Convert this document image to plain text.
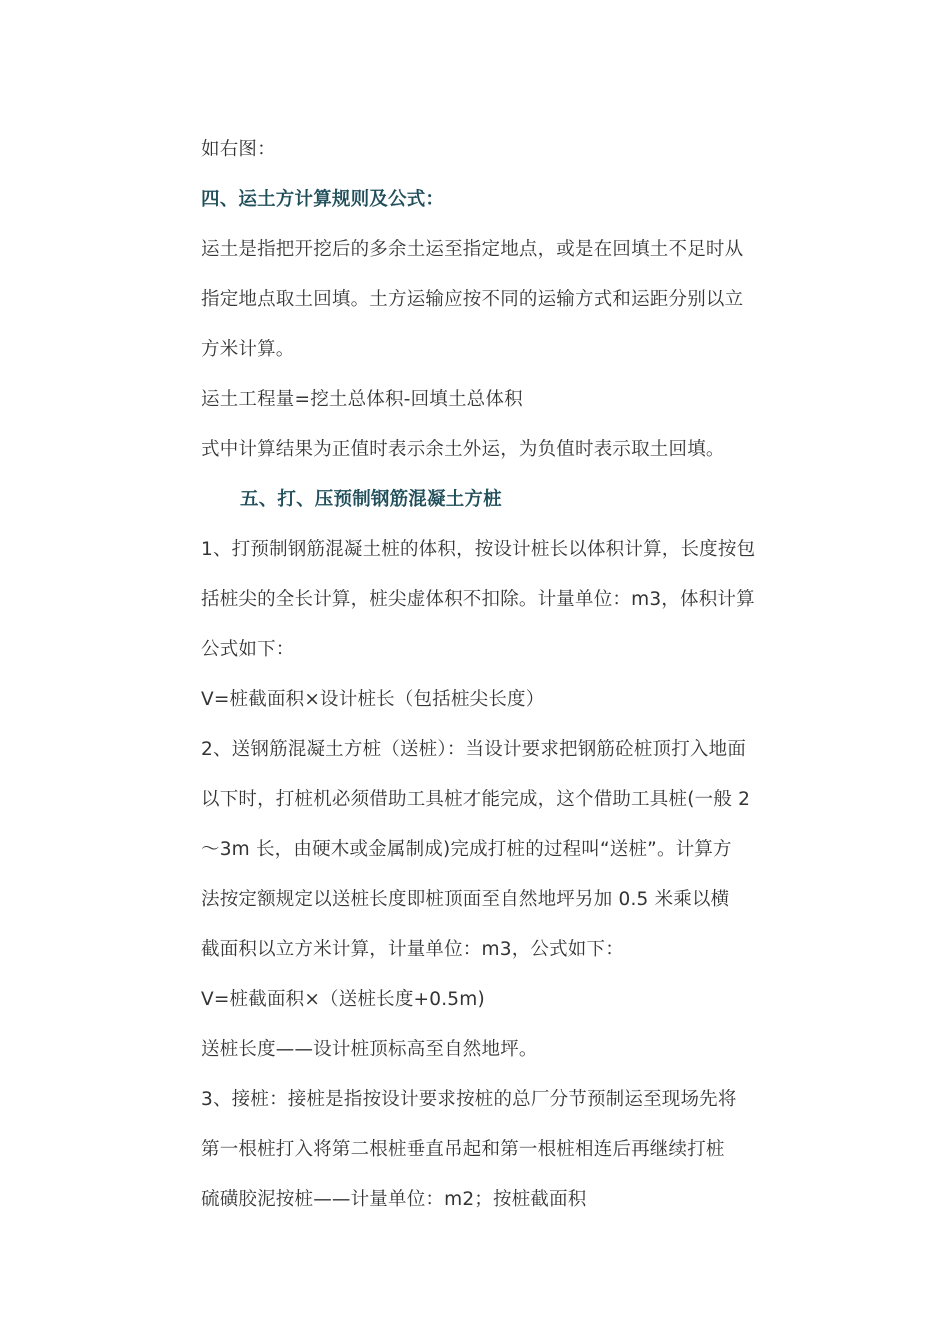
如右图：
四、运土方计算规则及公式：
运土是指把开挖后的多余土运至指定地点，或是在回填土不足时从
指定地点取土回填。土方运输应按不同的运输方式和运距分别以立
方米计算。
运土工程量=挖土总体积-回填土总体积
式中计算结果为正值时表示余土外运，为负值时表示取土回填。
五、打、压预制钢筋混凝土方桩
1、打预制钢筋混凝土桩的体积，按设计桩长以体积计算，长度按包
括桩尖的全长计算，桩尖虚体积不扣除。计量单位：m3，体积计算
公式如下：
V=桩截面积×设计桩长（包括桩尖长度）
2、送钢筋混凝土方桩（送桩）：当设计要求把钢筋砼桩顶打入地面
以下时，打桩机必须借助工具桩才能完成，这个借助工具桩(一般 2
～3m 长，由硬木或金属制成)完成打桩的过程叫“送桩”。计算方
法按定额规定以送桩长度即桩顶面至自然地坪另加 0.5 米乘以横
截面积以立方米计算，计量单位：m3，公式如下：
V=桩截面积×（送桩长度+0.5m)
送桩长度——设计桩顶标高至自然地坪。
3、接桩：接桩是指按设计要求按桩的总厂分节预制运至现场先将
第一根桩打入将第二根桩垂直吊起和第一根桩相连后再继续打桩
硫磺胶泥按桩——计量单位：m2；按桩截面积
